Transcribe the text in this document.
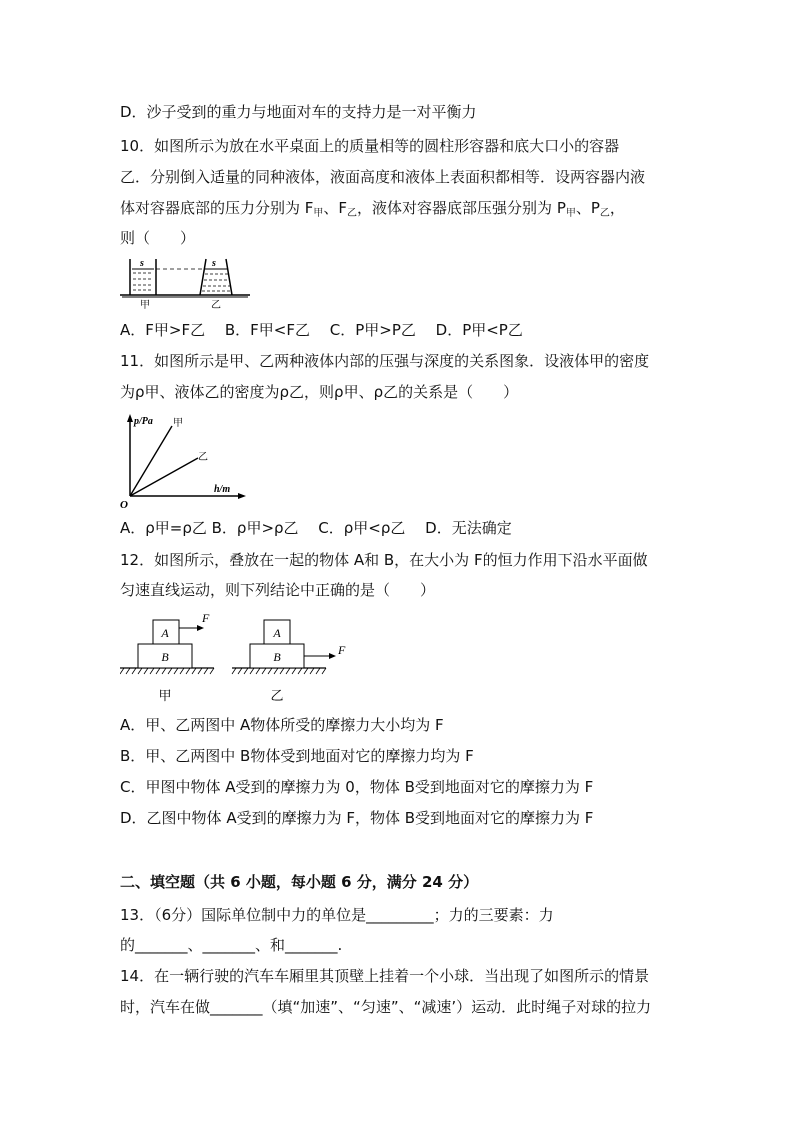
D．沙子受到的重力与地面对车的支持力是一对平衡力
10．如图所示为放在水平桌面上的质量相等的圆柱形容器和底大口小的容器
乙．分别倒入适量的同种液体，液面高度和液体上表面积都相等．设两容器内液
体对容器底部的压力分别为 $F_甲$、$F_乙$，液体对容器底部压强分别为 $P_甲$、$P_乙$，
则（　　）
s	s
甲	乙
A．F甲>F乙　 B．F甲<F乙　 C．P甲>P乙　 D．P甲<P乙
11．如图所示是甲、乙两种液体内部的压强与深度的关系图象．设液体甲的密度
为ρ甲、液体乙的密度为ρ乙，则ρ甲、ρ乙的关系是（　　）
p/Pa
h/m
O
甲
乙
A．ρ甲=ρ乙 B．ρ甲>ρ乙　 C．ρ甲<ρ乙　 D．无法确定
12．如图所示，叠放在一起的物体 A和 B，在大小为 F的恒力作用下沿水平面做
匀速直线运动，则下列结论中正确的是（　　）
A
B
F
甲
A
B	F
乙
A．甲、乙两图中 A物体所受的摩擦力大小均为 F
B．甲、乙两图中 B物体受到地面对它的摩擦力均为 F
C．甲图中物体 A受到的摩擦力为 0，物体 B受到地面对它的摩擦力为 F
D．乙图中物体 A受到的摩擦力为 F，物体 B受到地面对它的摩擦力为 F
二、填空题（共 6 小题，每小题 6 分，满分 24 分）
13．（6分）国际单位制中力的单位是_________；力的三要素：力
的_______、_______、和_______.
14．在一辆行驶的汽车车厢里其顶壁上挂着一个小球．当出现了如图所示的情景
时，汽车在做_______（填“加速”、“匀速”、“减速’）运动．此时绳子对球的拉力
